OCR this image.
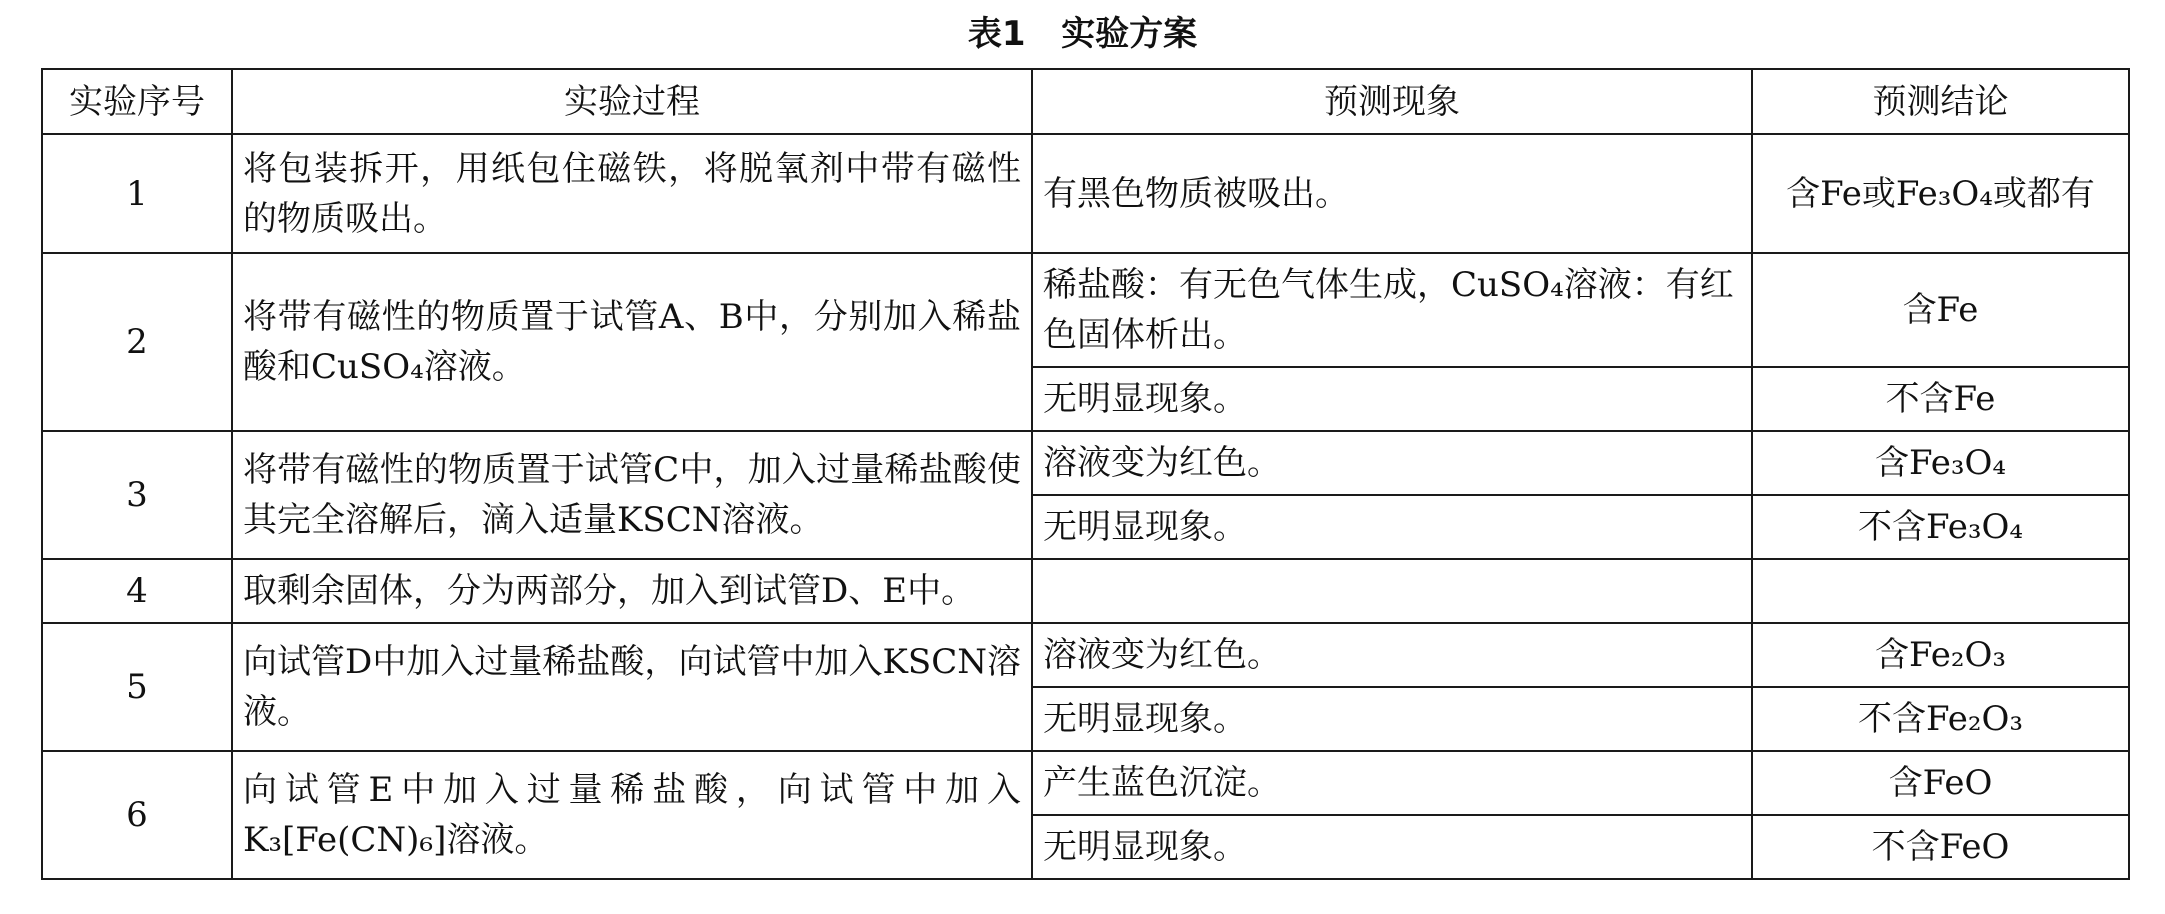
表1   实验方案
实验序号	实验过程	预测现象	预测结论
1	将包装拆开，用纸包住磁铁，将脱氧剂中带有磁性的物质吸出。	有黑色物质被吸出。	含Fe或Fe₃O₄或都有
2	将带有磁性的物质置于试管A、B中，分别加入稀盐酸和CuSO₄溶液。	稀盐酸：有无色气体生成，CuSO₄溶液：有红色固体析出。	含Fe
		无明显现象。	不含Fe
3	将带有磁性的物质置于试管C中，加入过量稀盐酸使其完全溶解后，滴入适量KSCN溶液。	溶液变为红色。	含Fe₃O₄
		无明显现象。	不含Fe₃O₄
4	取剩余固体，分为两部分，加入到试管D、E中。		
5	向试管D中加入过量稀盐酸，向试管中加入KSCN溶液。	溶液变为红色。	含Fe₂O₃
		无明显现象。	不含Fe₂O₃
6	向试管E中加入过量稀盐酸，向试管中加入K₃[Fe(CN)₆]溶液。	产生蓝色沉淀。	含FeO
		无明显现象。	不含FeO
